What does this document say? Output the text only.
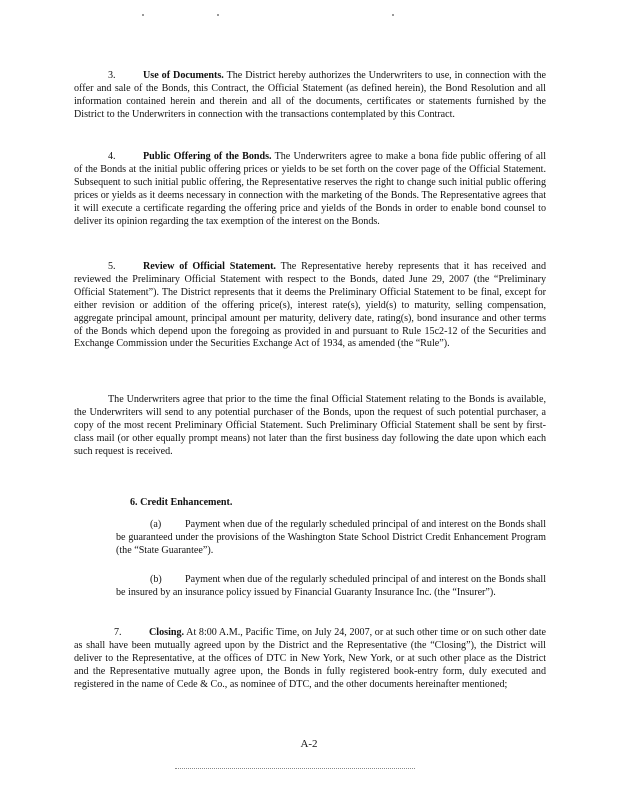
3.	Use of Documents. The District hereby authorizes the Underwriters to use, in connection with the offer and sale of the Bonds, this Contract, the Official Statement (as defined herein), the Bond Resolution and all information contained herein and therein and all of the documents, certificates or statements furnished by the District to the Underwriters in connection with the transactions contemplated by this Contract.

4.	Public Offering of the Bonds. The Underwriters agree to make a bona fide public offering of all of the Bonds at the initial public offering prices or yields to be set forth on the cover page of the Official Statement. Subsequent to such initial public offering, the Representative reserves the right to change such initial public offering prices or yields as it deems necessary in connection with the marketing of the Bonds. The Representative agrees that it will execute a certificate regarding the offering price and yields of the Bonds in order to enable bond counsel to deliver its opinion regarding the tax exemption of the interest on the Bonds.

5.	Review of Official Statement. The Representative hereby represents that it has received and reviewed the Preliminary Official Statement with respect to the Bonds, dated June 29, 2007 (the “Preliminary Official Statement”). The District represents that it deems the Preliminary Official Statement to be final, except for either revision or addition of the offering price(s), interest rate(s), yield(s) to maturity, selling compensation, aggregate principal amount, principal amount per maturity, delivery date, rating(s), bond insurance and other terms of the Bonds which depend upon the foregoing as provided in and pursuant to Rule 15c2-12 of the Securities and Exchange Commission under the Securities Exchange Act of 1934, as amended (the “Rule”).

The Underwriters agree that prior to the time the final Official Statement relating to the Bonds is available, the Underwriters will send to any potential purchaser of the Bonds, upon the request of such potential purchaser, a copy of the most recent Preliminary Official Statement. Such Preliminary Official Statement shall be sent by first-class mail (or other equally prompt means) not later than the first business day following the date upon which each such request is received.

6. Credit Enhancement.

(a) Payment when due of the regularly scheduled principal of and interest on the Bonds shall be guaranteed under the provisions of the Washington State School District Credit Enhancement Program (the “State Guarantee”).

(b) Payment when due of the regularly scheduled principal of and interest on the Bonds shall be insured by an insurance policy issued by Financial Guaranty Insurance Inc. (the “Insurer”).

7.	Closing. At 8:00 A.M., Pacific Time, on July 24, 2007, or at such other time or on such other date as shall have been mutually agreed upon by the District and the Representative (the “Closing”), the District will deliver to the Representative, at the offices of DTC in New York, New York, or at such other place as the District and the Representative mutually agree upon, the Bonds in fully registered book-entry form, duly executed and registered in the name of Cede & Co., as nominee of DTC, and the other documents hereinafter mentioned;

A-2
